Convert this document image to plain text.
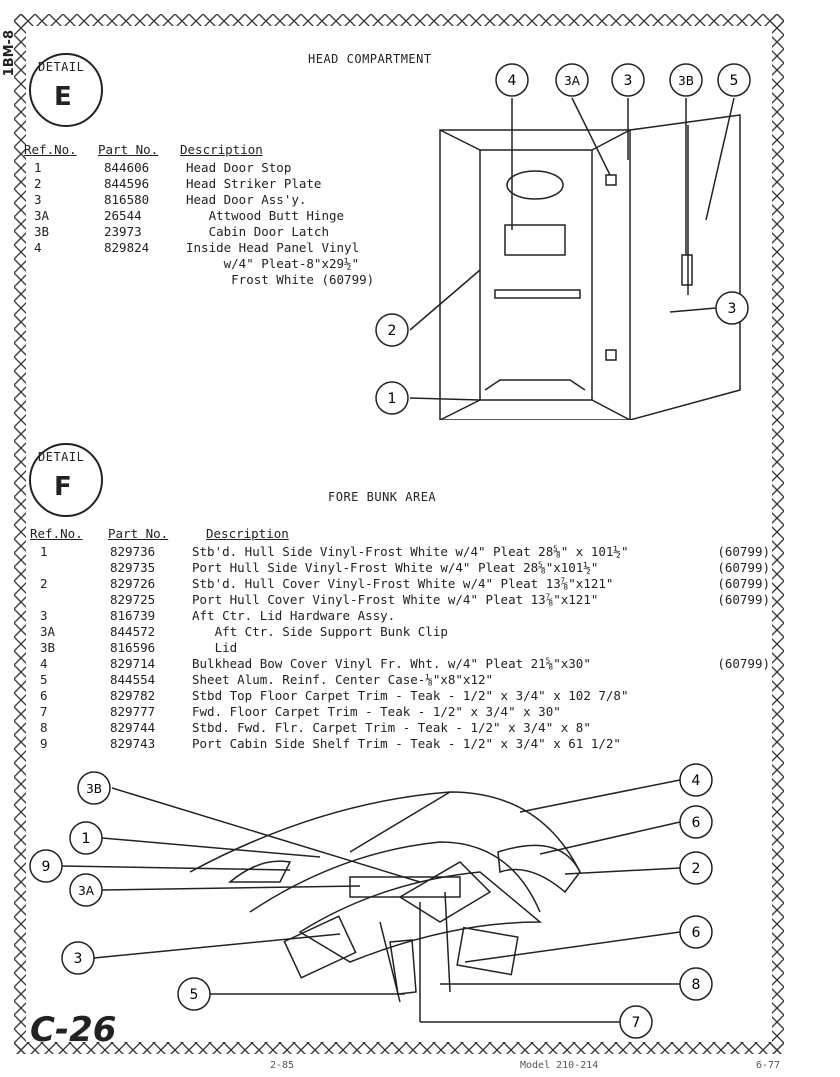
1BM-8 DETAIL
E
HEAD COMPARTMENT
Ref.No. Part No. Description
1	844606	Head Door Stop
2	844596	Head Striker Plate
3	816580	Head Door Ass'y.
3A	26544	Attwood Butt Hinge
3B	23973	Cabin Door Latch
4	829824	Inside Head Panel Vinyl
		w/4" Pleat-8"x29½"
		Frost White (60799)
4	3A	3	3B	5
3
2
1
DETAIL
F	FORE BUNK AREA
Ref.No. Part No.	Description
1	829736	Stb'd. Hull Side Vinyl-Frost White w/4" Pleat 28⅝" x 101½"	(60799)
	829735	Port Hull Side Vinyl-Frost White w/4" Pleat 28⅝"x101½"	(60799)
2	829726	Stb'd. Hull Cover Vinyl-Frost White w/4" Pleat 13⅞"x121"	(60799)
	829725	Port Hull Cover Vinyl-Frost White w/4" Pleat 13⅞"x121"	(60799)
3	816739	Aft Ctr. Lid Hardware Assy.	
3A	844572	Aft Ctr. Side Support Bunk Clip	
3B	816596	Lid	
4	829714	Bulkhead Bow Cover Vinyl Fr. Wht. w/4" Pleat 21⅝"x30"	(60799)
5	844554	Sheet Alum. Reinf. Center Case-⅛"x8"x12"	
6	829782	Stbd Top Floor Carpet Trim - Teak - 1/2" x 3/4" x 102 7/8"	
7	829777	Fwd. Floor Carpet Trim - Teak - 1/2" x 3/4" x 30"	
8	829744	Stbd. Fwd. Flr. Carpet Trim - Teak - 1/2" x 3/4" x 8"	
9	829743	Port Cabin Side Shelf Trim - Teak - 1/2" x 3/4" x 61 1/2"	
3B	4
1
6
9	2
3A
6
3
8
5
7
C-26
2-85	Model 210-214	6-77
